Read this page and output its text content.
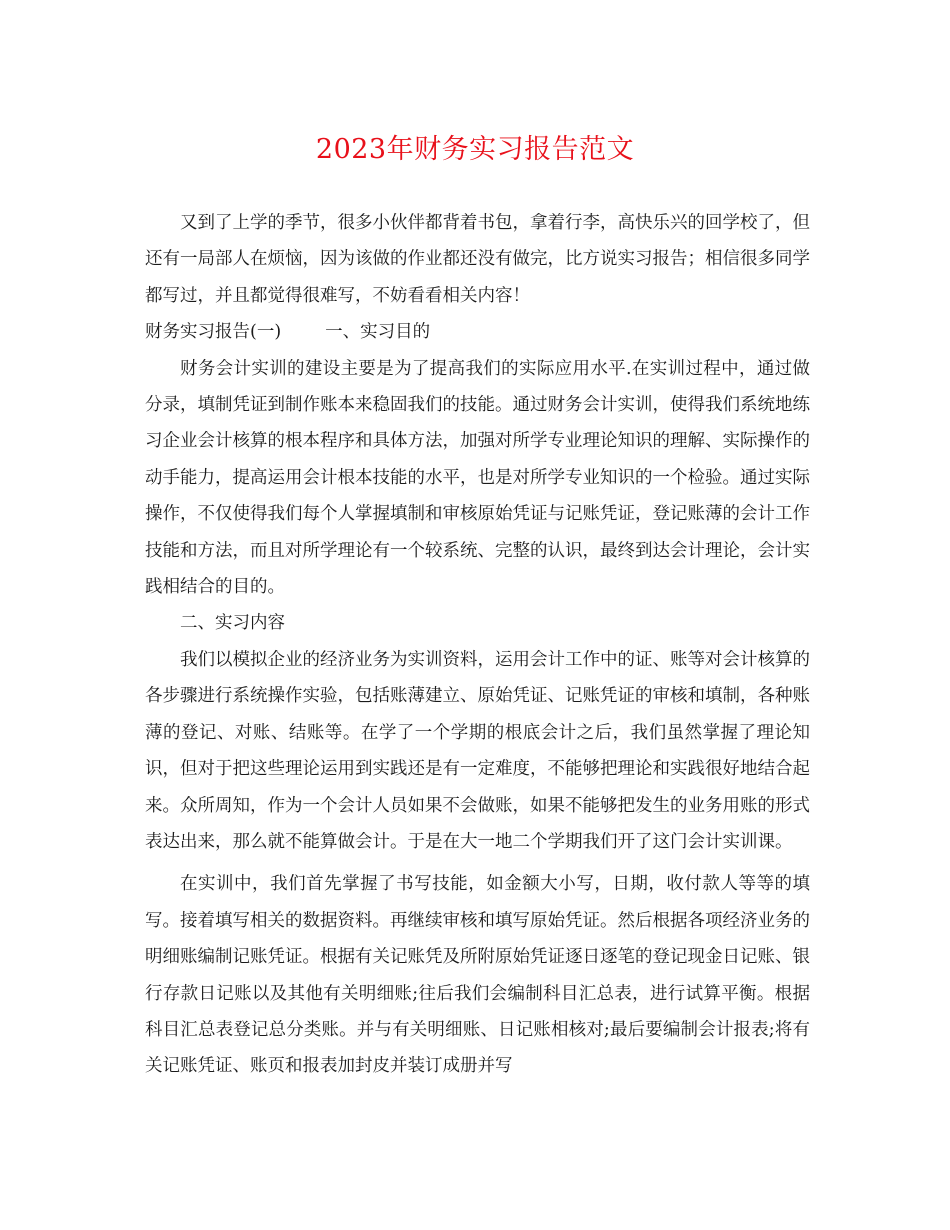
2023年财务实习报告范文

又到了上学的季节，很多小伙伴都背着书包，拿着行李，高快乐兴的回学校了，但还有一局部人在烦恼，因为该做的作业都还没有做完，比方说实习报告；相信很多同学都写过，并且都觉得很难写，不妨看看相关内容！

财务实习报告(一)	一、实习目的

财务会计实训的建设主要是为了提高我们的实际应用水平.在实训过程中，通过做分录，填制凭证到制作账本来稳固我们的技能。通过财务会计实训，使得我们系统地练习企业会计核算的根本程序和具体方法，加强对所学专业理论知识的理解、实际操作的动手能力，提高运用会计根本技能的水平，也是对所学专业知识的一个检验。通过实际操作，不仅使得我们每个人掌握填制和审核原始凭证与记账凭证，登记账薄的会计工作技能和方法，而且对所学理论有一个较系统、完整的认识，最终到达会计理论，会计实践相结合的目的。

二、实习内容

我们以模拟企业的经济业务为实训资料，运用会计工作中的证、账等对会计核算的各步骤进行系统操作实验，包括账薄建立、原始凭证、记账凭证的审核和填制，各种账薄的登记、对账、结账等。在学了一个学期的根底会计之后，我们虽然掌握了理论知识，但对于把这些理论运用到实践还是有一定难度，不能够把理论和实践很好地结合起来。众所周知，作为一个会计人员如果不会做账，如果不能够把发生的业务用账的形式表达出来，那么就不能算做会计。于是在大一地二个学期我们开了这门会计实训课。

在实训中，我们首先掌握了书写技能，如金额大小写，日期，收付款人等等的填写。接着填写相关的数据资料。再继续审核和填写原始凭证。然后根据各项经济业务的明细账编制记账凭证。根据有关记账凭及所附原始凭证逐日逐笔的登记现金日记账、银行存款日记账以及其他有关明细账;往后我们会编制科目汇总表，进行试算平衡。根据科目汇总表登记总分类账。并与有关明细账、日记账相核对;最后要编制会计报表;将有关记账凭证、账页和报表加封皮并装订成册并写
